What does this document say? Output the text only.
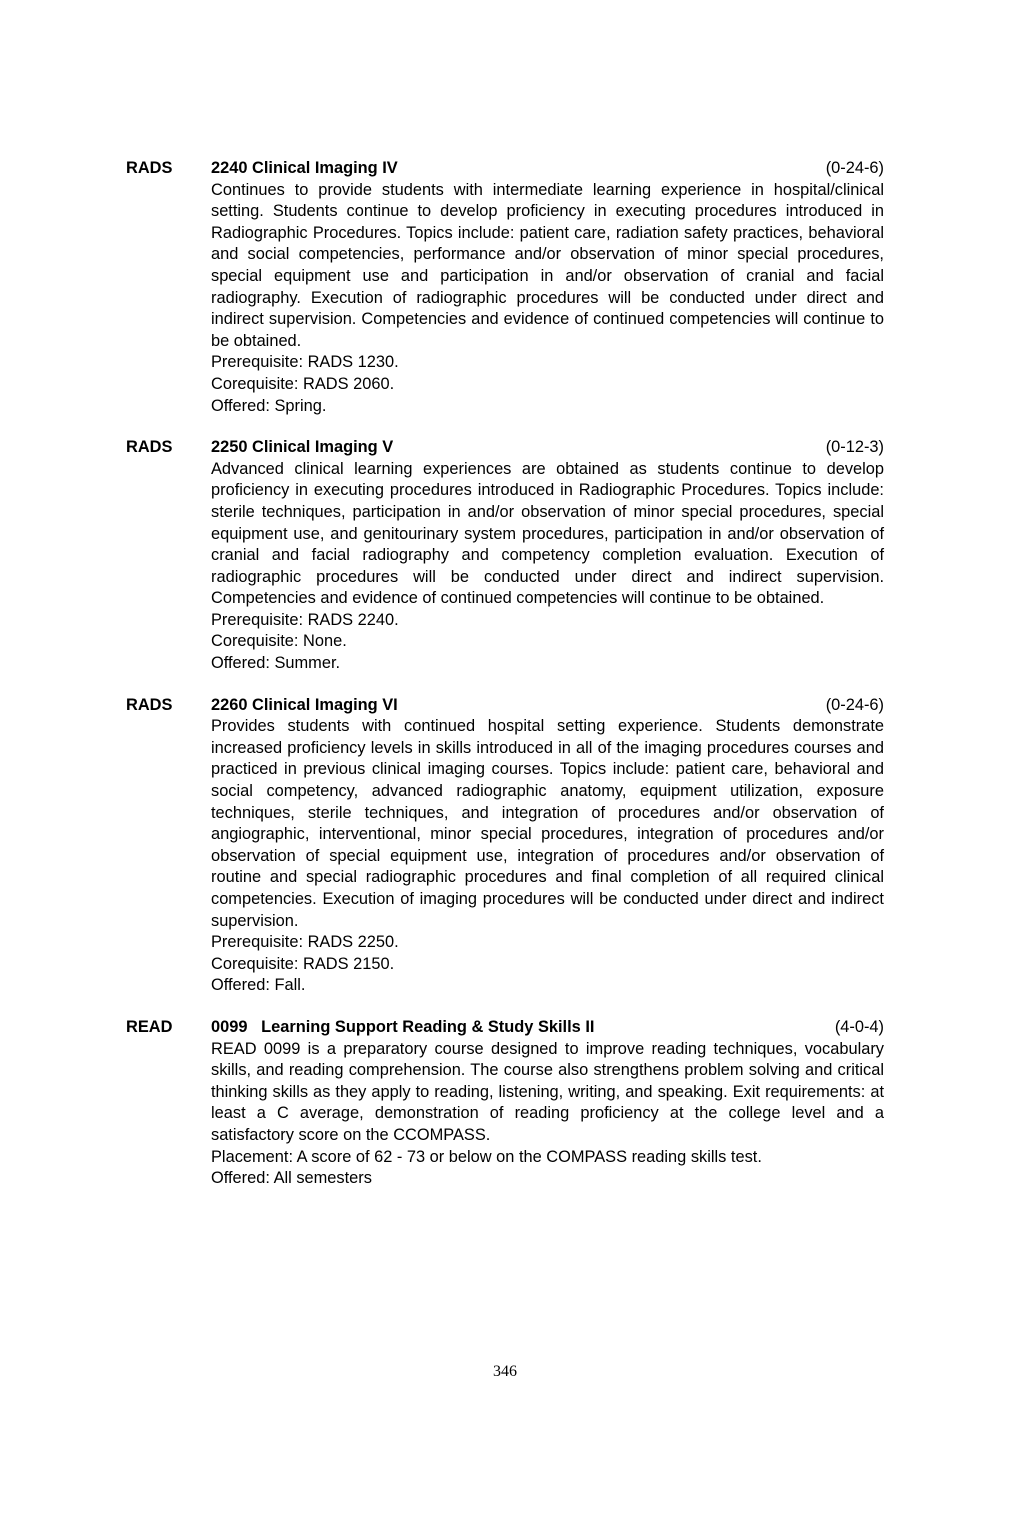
RADS 2240 Clinical Imaging IV	(0-24-6)

Continues to provide students with intermediate learning experience in hospital/clinical setting. Students continue to develop proficiency in executing procedures introduced in Radiographic Procedures. Topics include: patient care, radiation safety practices, behavioral and social competencies, performance and/or observation of minor special procedures, special equipment use and participation in and/or observation of cranial and facial radiography. Execution of radiographic procedures will be conducted under direct and indirect supervision. Competencies and evidence of continued competencies will continue to be obtained.

Prerequisite: RADS 1230.
Corequisite: RADS 2060.
Offered: Spring.
RADS 2250 Clinical Imaging V	(0-12-3)

Advanced clinical learning experiences are obtained as students continue to develop proficiency in executing procedures introduced in Radiographic Procedures. Topics include: sterile techniques, participation in and/or observation of minor special procedures, special equipment use, and genitourinary system procedures, participation in and/or observation of cranial and facial radiography and competency completion evaluation. Execution of radiographic procedures will be conducted under direct and indirect supervision. Competencies and evidence of continued competencies will continue to be obtained.

Prerequisite: RADS 2240.
Corequisite: None.
Offered: Summer.
RADS 2260 Clinical Imaging VI	(0-24-6)

Provides students with continued hospital setting experience. Students demonstrate increased proficiency levels in skills introduced in all of the imaging procedures courses and practiced in previous clinical imaging courses. Topics include: patient care, behavioral and social competency, advanced radiographic anatomy, equipment utilization, exposure techniques, sterile techniques, and integration of procedures and/or observation of angiographic, interventional, minor special procedures, integration of procedures and/or observation of special equipment use, integration of procedures and/or observation of routine and special radiographic procedures and final completion of all required clinical competencies. Execution of imaging procedures will be conducted under direct and indirect supervision.

Prerequisite: RADS 2250.
Corequisite: RADS 2150.
Offered: Fall.
READ 0099   Learning Support Reading & Study Skills II	(4-0-4)

READ 0099 is a preparatory course designed to improve reading techniques, vocabulary skills, and reading comprehension. The course also strengthens problem solving and critical thinking skills as they apply to reading, listening, writing, and speaking. Exit requirements: at least a C average, demonstration of reading proficiency at the college level and a satisfactory score on the CCOMPASS.

Placement: A score of 62 - 73 or below on the COMPASS reading skills test.
Offered: All semesters
346
